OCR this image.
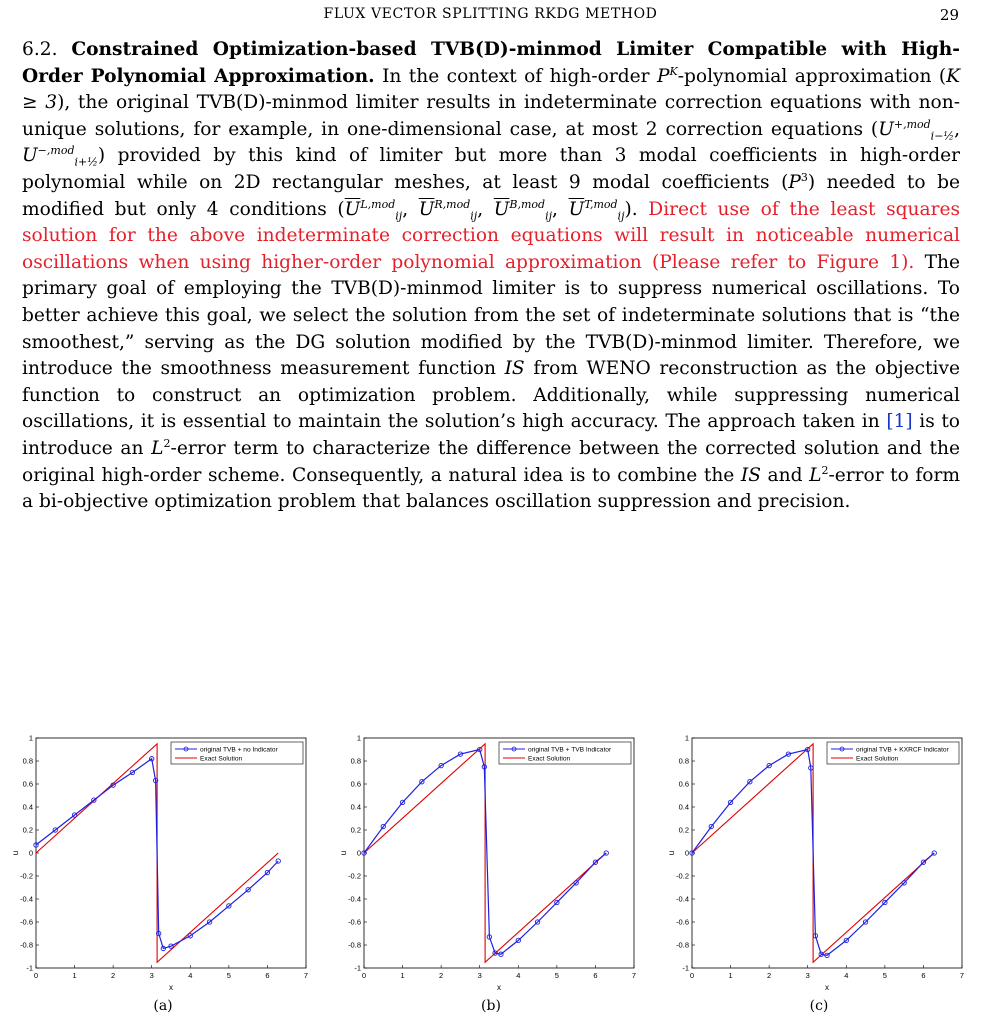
FLUX VECTOR SPLITTING RKDG METHOD	29

6.2. Constrained Optimization-based TVB(D)-minmod Limiter Compatible with High-Order Polynomial Approximation. In the context of high-order $P^K$-polynomial approximation (K ≥ 3), the original TVB(D)-minmod limiter results in indeterminate correction equations with non-unique solutions, for example, in one-dimensional case, at most 2 correction equations ($U^{+,mod}_{i-\frac{1}{2}}$, $U^{-,mod}_{i+\frac{1}{2}}$) provided by this kind of limiter but more than 3 modal coefficients in high-order polynomial while on 2D rectangular meshes, at least 9 modal coefficients $(P^3)$ needed to be modified but only 4 conditions ($\overline{U}^{L,mod}_{ij}$, $\overline{U}^{R,mod}_{ij}$, $\overline{U}^{B,mod}_{ij}$, $\overline{U}^{T,mod}_{ij}$). Direct use of the least squares solution for the above indeterminate correction equations will result in noticeable numerical oscillations when using higher-order polynomial approximation (Please refer to Figure 1). The primary goal of employing the TVB(D)-minmod limiter is to suppress numerical oscillations. To better achieve this goal, we select the solution from the set of indeterminate solutions that is “the smoothest,” serving as the DG solution modified by the TVB(D)-minmod limiter. Therefore, we introduce the smoothness measurement function IS from WENO reconstruction as the objective function to construct an optimization problem. Additionally, while suppressing numerical oscillations, it is essential to maintain the solution’s high accuracy. The approach taken in [1] is to introduce an $L^2$-error term to characterize the difference between the corrected solution and the original high-order scheme. Consequently, a natural idea is to combine the IS and $L^2$-error to form a bi-objective optimization problem that balances oscillation suppression and precision.

0	1	2	3	4	5	6	7
-1
-0.8
-0.6
-0.4
-0.2
0
0.2
0.4
0.6
0.8
1
x
u
original TVB + no Indicator
Exact Solution
(a)
0	1	2	3	4	5	6	7
-1
-0.8
-0.6
-0.4
-0.2
0
0.2
0.4
0.6
0.8
1
x
u
original TVB + TVB Indicator
Exact Solution
(b)
0	1	2	3	4	5	6	7
-1
-0.8
-0.6
-0.4
-0.2
0
0.2
0.4
0.6
0.8
1
x
u
original TVB + KXRCF Indicator
Exact Solution
(c)
